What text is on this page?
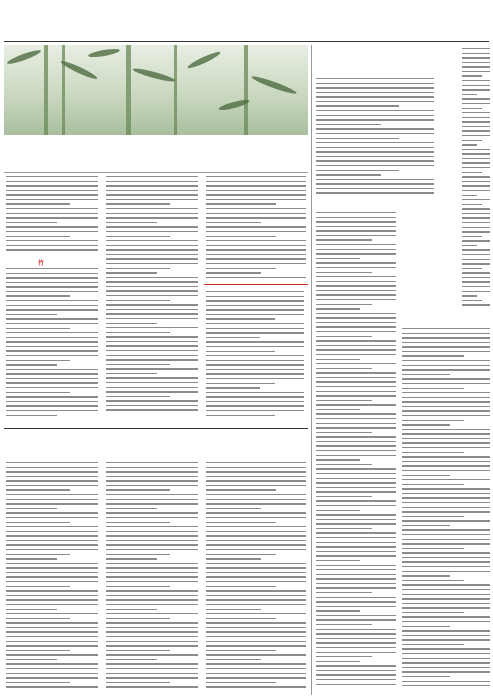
竹
